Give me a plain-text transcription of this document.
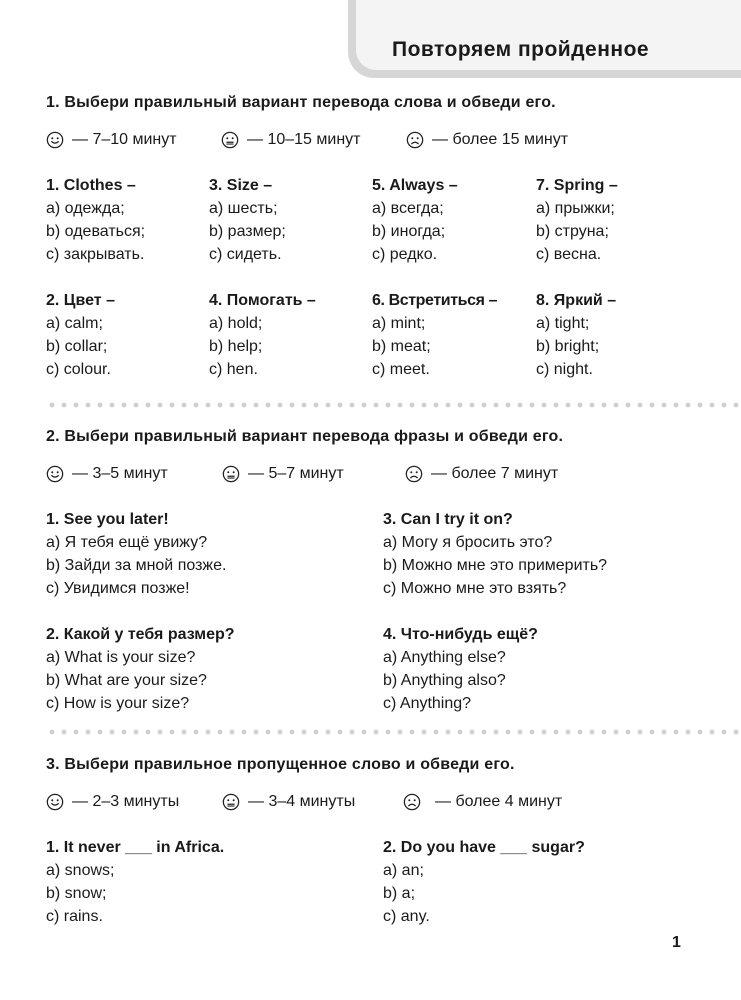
Повторяем пройденное
1. Выбери правильный вариант перевода слова и обведи его.
— 7–10 минут	— 10–15 минут	— более 15 минут
1. Clothes –
a) одежда;
b) одеваться;
c) закрывать.
3. Size –
a) шесть;
b) размер;
c) сидеть.
5. Always –
a) всегда;
b) иногда;
c) редко.
7. Spring –
a) прыжки;
b) струна;
c) весна.
2. Цвет –
a) calm;
b) collar;
c) colour.
4. Помогать –
a) hold;
b) help;
c) hen.
6. Встретиться –
a) mint;
b) meat;
c) meet.
8. Яркий –
a) tight;
b) bright;
c) night.
2. Выбери правильный вариант перевода фразы и обведи его.
— 3–5 минут	— 5–7 минут	— более 7 минут
1. See you later!
a) Я тебя ещё увижу?
b) Зайди за мной позже.
c) Увидимся позже!
3. Can I try it on?
a) Могу я бросить это?
b) Можно мне это примерить?
c) Можно мне это взять?
2. Какой у тебя размер?
a) What is your size?
b) What are your size?
c) How is your size?
4. Что-нибудь ещё?
a) Anything else?
b) Anything also?
c) Anything?
3. Выбери правильное пропущенное слово и обведи его.
— 2–3 минуты	— 3–4 минуты	— более 4 минут
1. It never ___ in Africa.
a) snows;
b) snow;
c) rains.
2. Do you have ___ sugar?
a) an;
b) a;
c) any.
1
